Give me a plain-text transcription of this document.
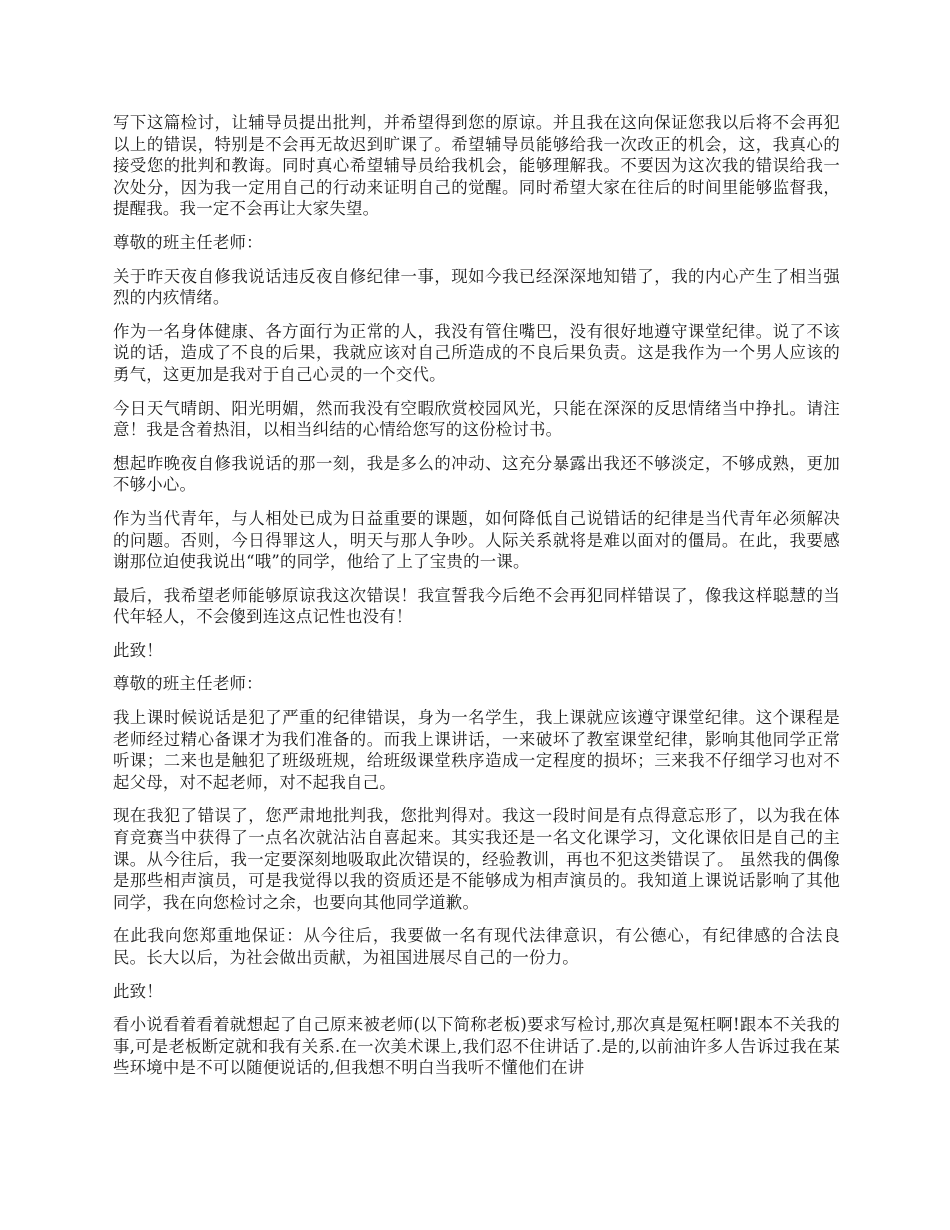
写下这篇检讨，让辅导员提出批判，并希望得到您的原谅。并且我在这向保证您我以后将不会再犯以上的错误，特别是不会再无故迟到旷课了。希望辅导员能够给我一次改正的机会，这，我真心的接受您的批判和教诲。同时真心希望辅导员给我机会，能够理解我。不要因为这次我的错误给我一次处分，因为我一定用自己的行动来证明自己的觉醒。同时希望大家在往后的时间里能够监督我，提醒我。我一定不会再让大家失望。

尊敬的班主任老师：

关于昨天夜自修我说话违反夜自修纪律一事，现如今我已经深深地知错了，我的内心产生了相当强烈的内疚情绪。

作为一名身体健康、各方面行为正常的人，我没有管住嘴巴，没有很好地遵守课堂纪律。说了不该说的话，造成了不良的后果，我就应该对自己所造成的不良后果负责。这是我作为一个男人应该的勇气，这更加是我对于自己心灵的一个交代。

今日天气晴朗、阳光明媚，然而我没有空暇欣赏校园风光，只能在深深的反思情绪当中挣扎。请注意！我是含着热泪，以相当纠结的心情给您写的这份检讨书。

想起昨晚夜自修我说话的那一刻，我是多么的冲动、这充分暴露出我还不够淡定，不够成熟，更加不够小心。

作为当代青年，与人相处已成为日益重要的课题，如何降低自己说错话的纪律是当代青年必须解决的问题。否则，今日得罪这人，明天与那人争吵。人际关系就将是难以面对的僵局。在此，我要感谢那位迫使我说出“哦”的同学，他给了上了宝贵的一课。

最后，我希望老师能够原谅我这次错误！我宣誓我今后绝不会再犯同样错误了，像我这样聪慧的当代年轻人，不会傻到连这点记性也没有！

此致！

尊敬的班主任老师：

我上课时候说话是犯了严重的纪律错误，身为一名学生，我上课就应该遵守课堂纪律。这个课程是老师经过精心备课才为我们准备的。而我上课讲话，一来破坏了教室课堂纪律，影响其他同学正常听课；二来也是触犯了班级班规，给班级课堂秩序造成一定程度的损坏；三来我不仔细学习也对不起父母，对不起老师，对不起我自己。

现在我犯了错误了，您严肃地批判我，您批判得对。我这一段时间是有点得意忘形了，以为我在体育竞赛当中获得了一点名次就沾沾自喜起来。其实我还是一名文化课学习，文化课依旧是自己的主课。从今往后，我一定要深刻地吸取此次错误的，经验教训，再也不犯这类错误了。 虽然我的偶像是那些相声演员，可是我觉得以我的资质还是不能够成为相声演员的。我知道上课说话影响了其他同学，我在向您检讨之余，也要向其他同学道歉。

在此我向您郑重地保证：从今往后，我要做一名有现代法律意识，有公德心，有纪律感的合法良民。长大以后，为社会做出贡献，为祖国进展尽自己的一份力。

此致！

看小说看着看着就想起了自己原来被老师(以下简称老板)要求写检讨,那次真是冤枉啊!跟本不关我的事,可是老板断定就和我有关系.在一次美术课上,我们忍不住讲话了.是的,以前油许多人告诉过我在某些环境中是不可以随便说话的,但我想不明白当我听不懂他们在讲
